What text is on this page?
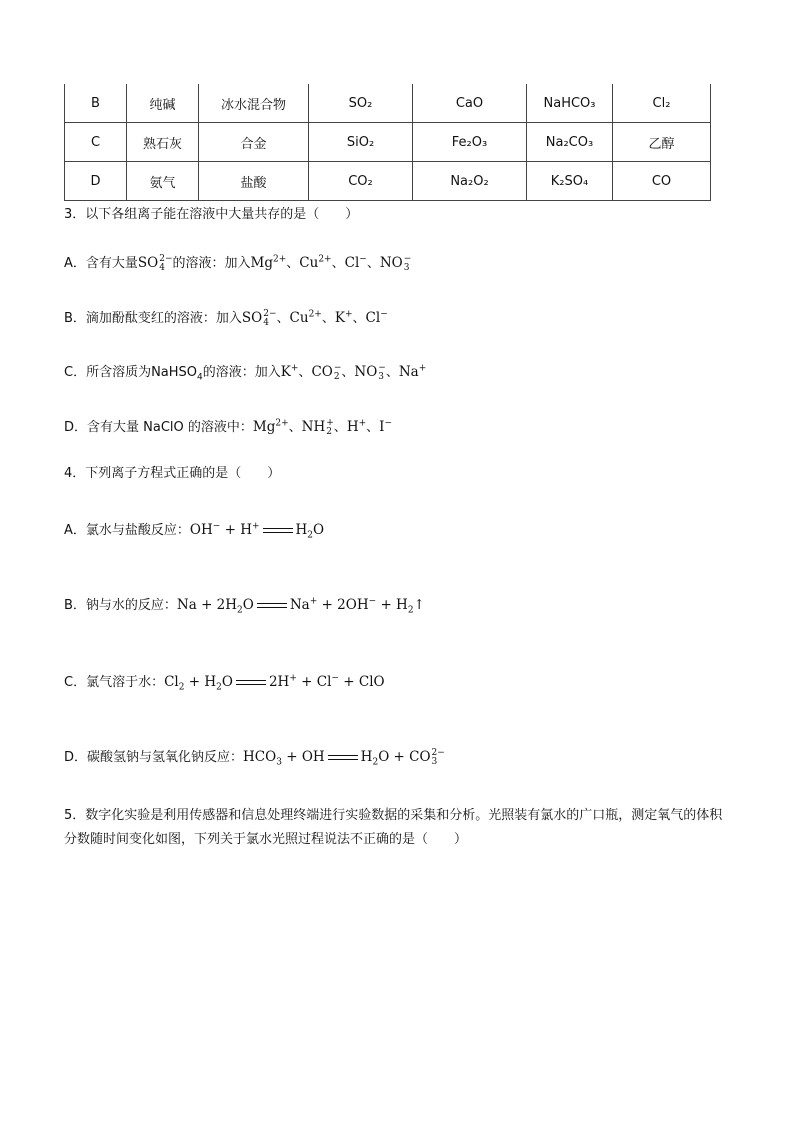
B	纯碱	冰水混合物	SO₂	CaO	NaHCO₃	Cl₂
C	熟石灰	合金	SiO₂	Fe₂O₃	Na₂CO₃	乙醇
D	氨气	盐酸	CO₂	Na₂O₂	K₂SO₄	CO
3．以下各组离子能在溶液中大量共存的是（　　）
A．含有大量SO 2−
4 的溶液：加入$Mg^{2+}$、$Cu^{2+}$、Cl−、NO −
3
B．滴加酚酞变红的溶液：加入SO 2−
4 、$Cu^{2+}$、K+、Cl−
C．所含溶质为NaHSO$_4$的溶液：加入K+、CO −
2 、NO −
3 、Na+
D．含有大量 NaClO 的溶液中：$Mg^{2+}$、NH +
2 、H+、I−
4．下列离子方程式正确的是（　　）
A．氯水与盐酸反应：OH− + H+	$H_2O$
B．钠与水的反应：$Na + 2H_2O$	$Na^+ + 2OH^- + H_2↑$
C．氯气溶于水：$Cl_2 + H_2O$	2H+ + Cl− + ClO
D．碳酸氢钠与氢氧化钠反应：$HCO_3$ + OH	$H_2O$ + CO 2−
3
5．数字化实验是利用传感器和信息处理终端进行实验数据的采集和分析。光照装有氯水的广口瓶，测定氧气的体积分数随时间变化如图，下列关于氯水光照过程说法不正确的是（　　）
